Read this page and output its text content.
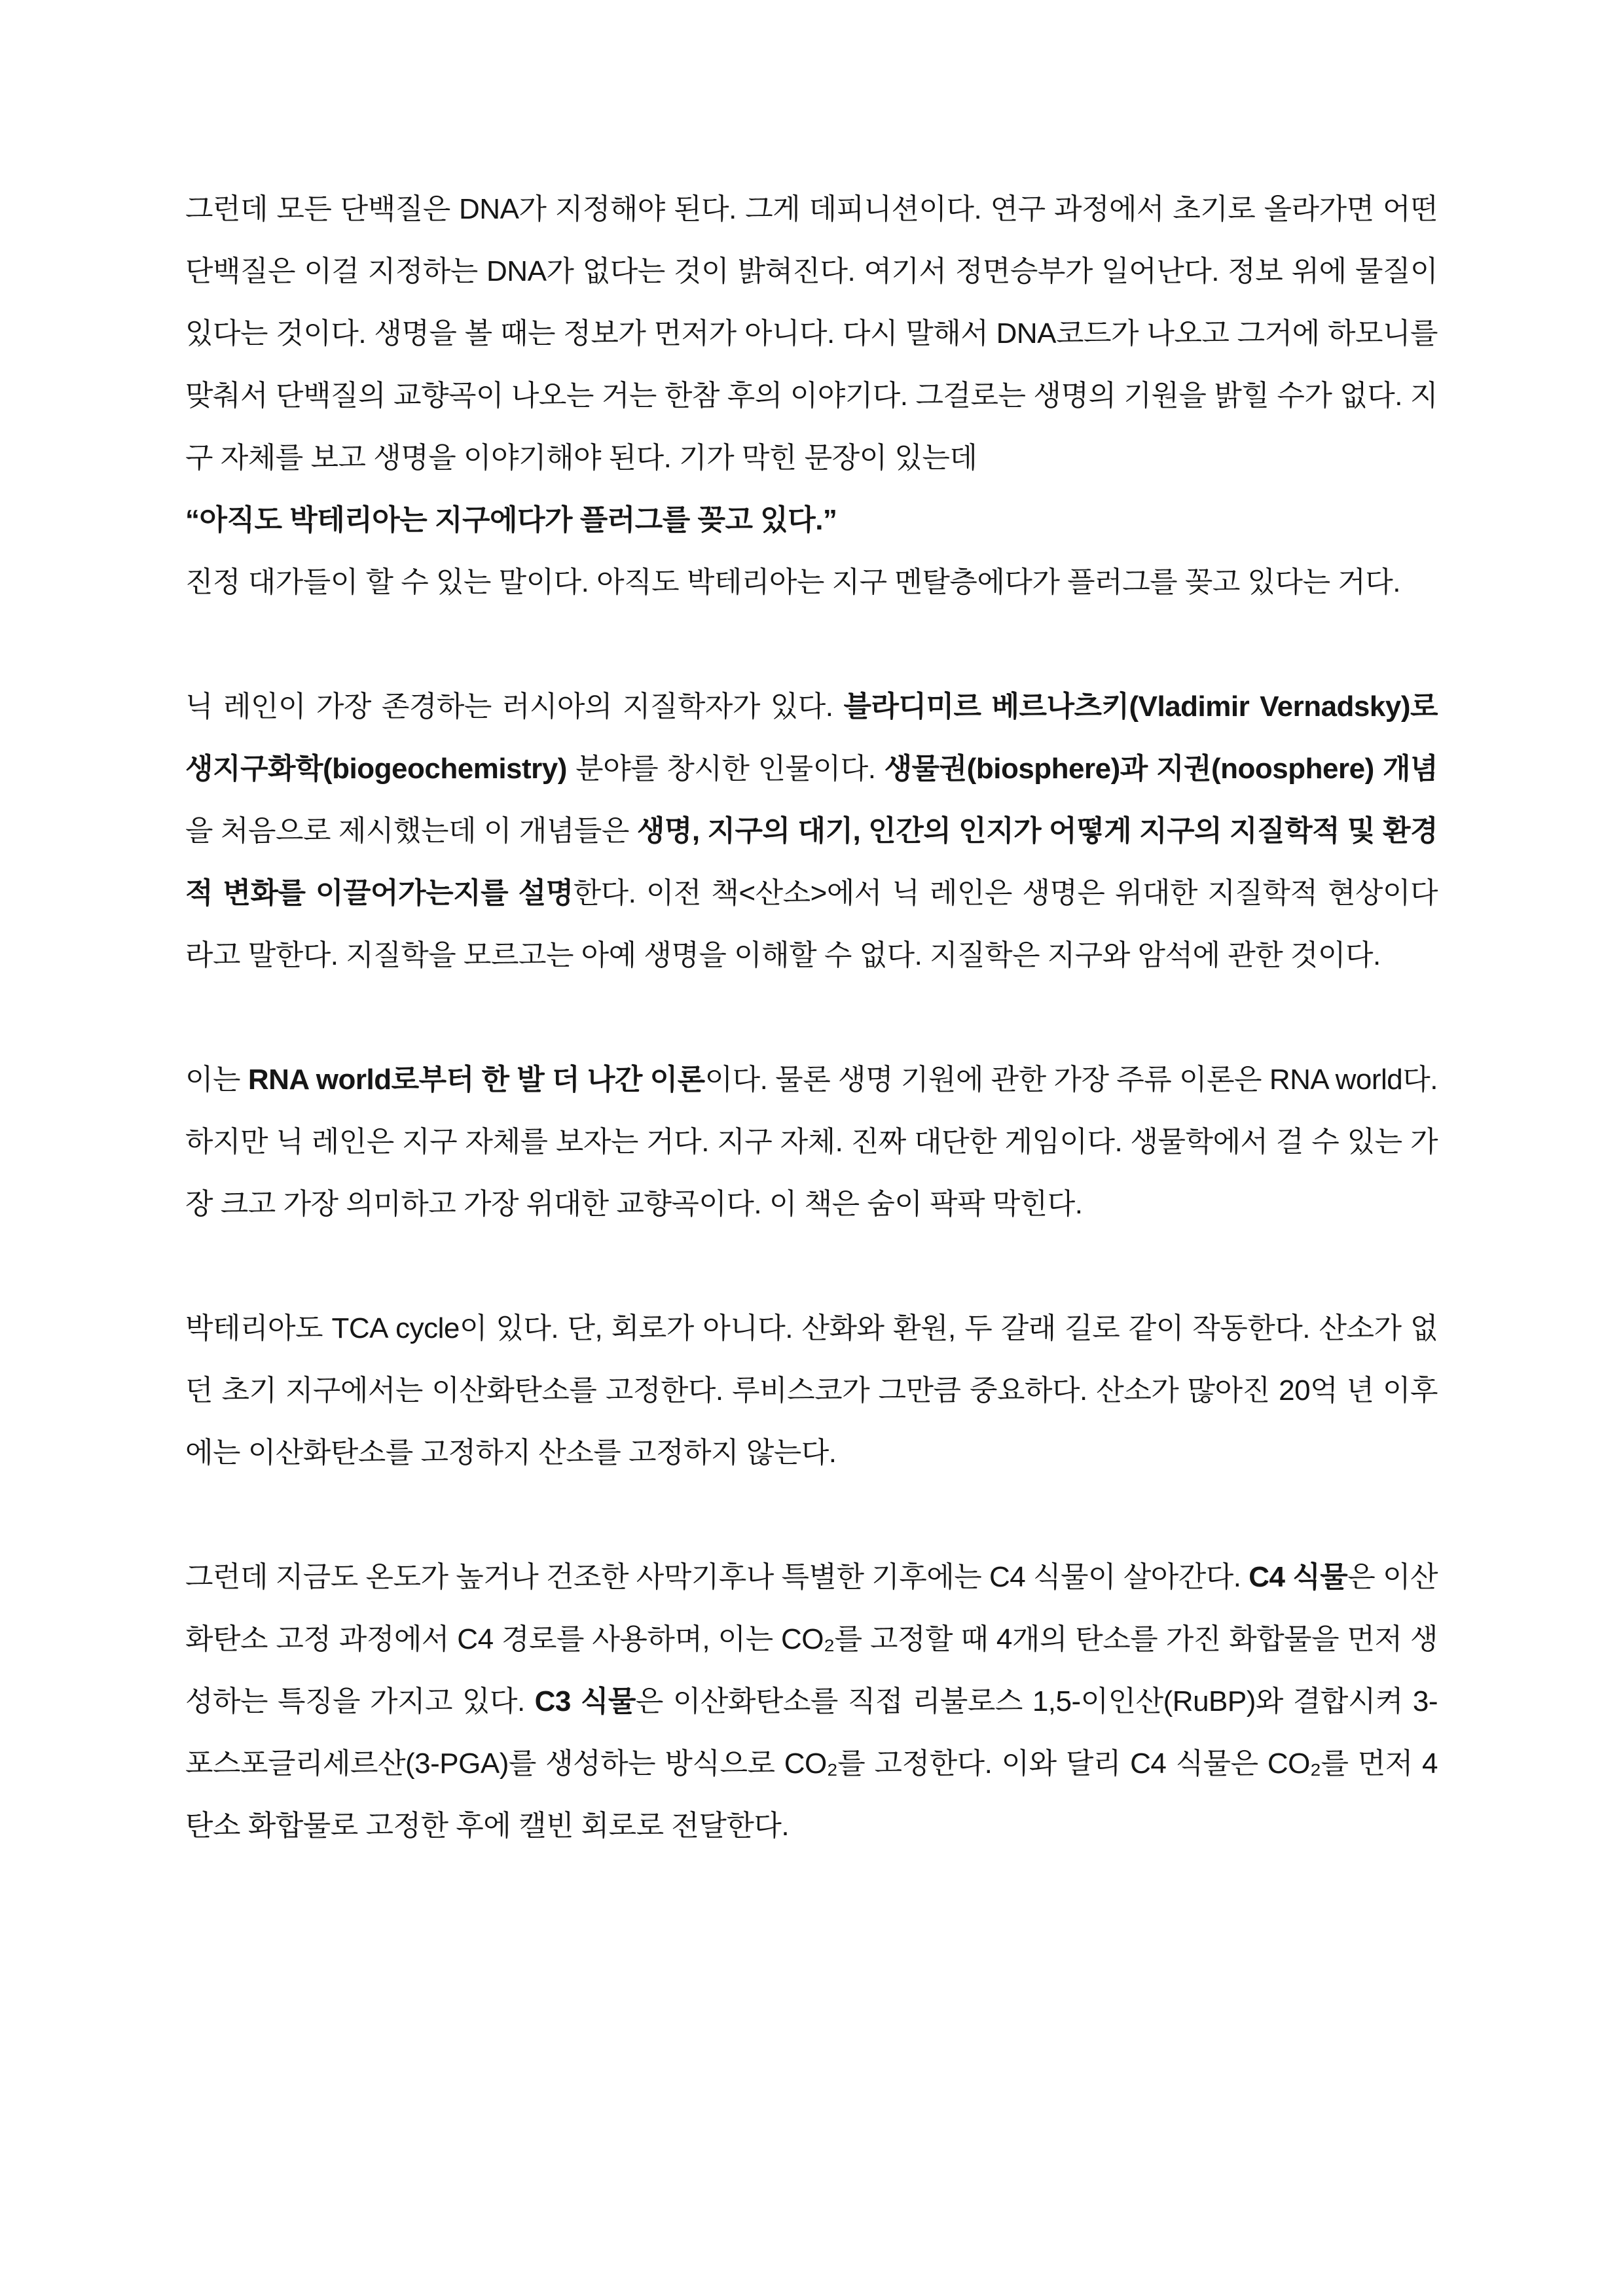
그런데 모든 단백질은 DNA가 지정해야 된다. 그게 데피니션이다. 연구 과정에서 초기로 올라가면 어떤 단백질은 이걸 지정하는 DNA가 없다는 것이 밝혀진다. 여기서 정면승부가 일어난다. 정보 위에 물질이 있다는 것이다. 생명을 볼 때는 정보가 먼저가 아니다. 다시 말해서 DNA코드가 나오고 그거에 하모니를 맞춰서 단백질의 교향곡이 나오는 거는 한참 후의 이야기다. 그걸로는 생명의 기원을 밝힐 수가 없다. 지구 자체를 보고 생명을 이야기해야 된다. 기가 막힌 문장이 있는데
“아직도 박테리아는 지구에다가 플러그를 꽂고 있다.”
진정 대가들이 할 수 있는 말이다. 아직도 박테리아는 지구 멘탈층에다가 플러그를 꽂고 있다는 거다.
닉 레인이 가장 존경하는 러시아의 지질학자가 있다. 블라디미르 베르나츠키(Vladimir Vernadsky)로 생지구화학(biogeochemistry) 분야를 창시한 인물이다. 생물권(biosphere)과 지권(noosphere) 개념을 처음으로 제시했는데 이 개념들은 생명, 지구의 대기, 인간의 인지가 어떻게 지구의 지질학적 및 환경적 변화를 이끌어가는지를 설명한다. 이전 책<산소>에서 닉 레인은 생명은 위대한 지질학적 현상이다라고 말한다. 지질학을 모르고는 아예 생명을 이해할 수 없다. 지질학은 지구와 암석에 관한 것이다.
이는 RNA world로부터 한 발 더 나간 이론이다. 물론 생명 기원에 관한 가장 주류 이론은 RNA world다. 하지만 닉 레인은 지구 자체를 보자는 거다. 지구 자체. 진짜 대단한 게임이다. 생물학에서 걸 수 있는 가장 크고 가장 의미하고 가장 위대한 교향곡이다. 이 책은 숨이 팍팍 막힌다.
박테리아도 TCA cycle이 있다. 단, 회로가 아니다. 산화와 환원, 두 갈래 길로 같이 작동한다. 산소가 없던 초기 지구에서는 이산화탄소를 고정한다. 루비스코가 그만큼 중요하다. 산소가 많아진 20억 년 이후에는 이산화탄소를 고정하지 산소를 고정하지 않는다.
그런데 지금도 온도가 높거나 건조한 사막기후나 특별한 기후에는 C4 식물이 살아간다. C4 식물은 이산화탄소 고정 과정에서 C4 경로를 사용하며, 이는 CO₂를 고정할 때 4개의 탄소를 가진 화합물을 먼저 생성하는 특징을 가지고 있다. C3 식물은 이산화탄소를 직접 리불로스 1,5-이인산(RuBP)와 결합시켜 3-포스포글리세르산(3-PGA)를 생성하는 방식으로 CO₂를 고정한다. 이와 달리 C4 식물은 CO₂를 먼저 4 탄소 화합물로 고정한 후에 캘빈 회로로 전달한다.
